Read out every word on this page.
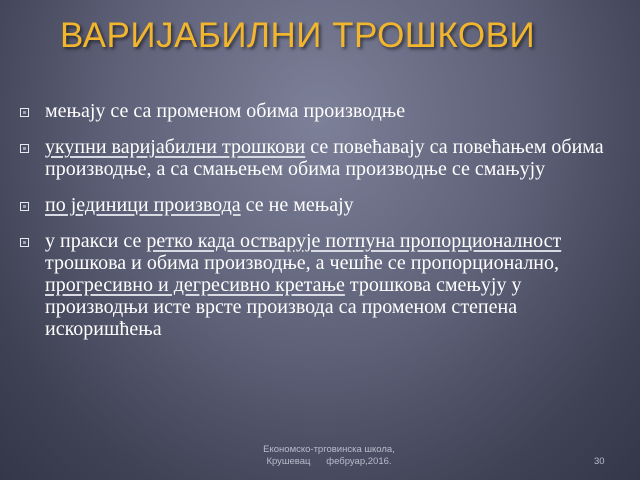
ВАРИЈАБИЛНИ ТРОШКОВИ
мењају се са променом обима производње
укупни варијабилни трошкови се повећавају са повећањем обима производње, а са смањењем обима производње се смањују
по јединици производа се не мењају
у пракси се ретко када остварује потпуна пропорционалност трошкова и обима производње, а чешће се пропорционално, прогресивно и дегресивно кретање трошкова смењују у производњи исте врсте производа са променом степена искоришћења
Економско-трговинска школа,
Крушевац      фебруар,2016.	30
